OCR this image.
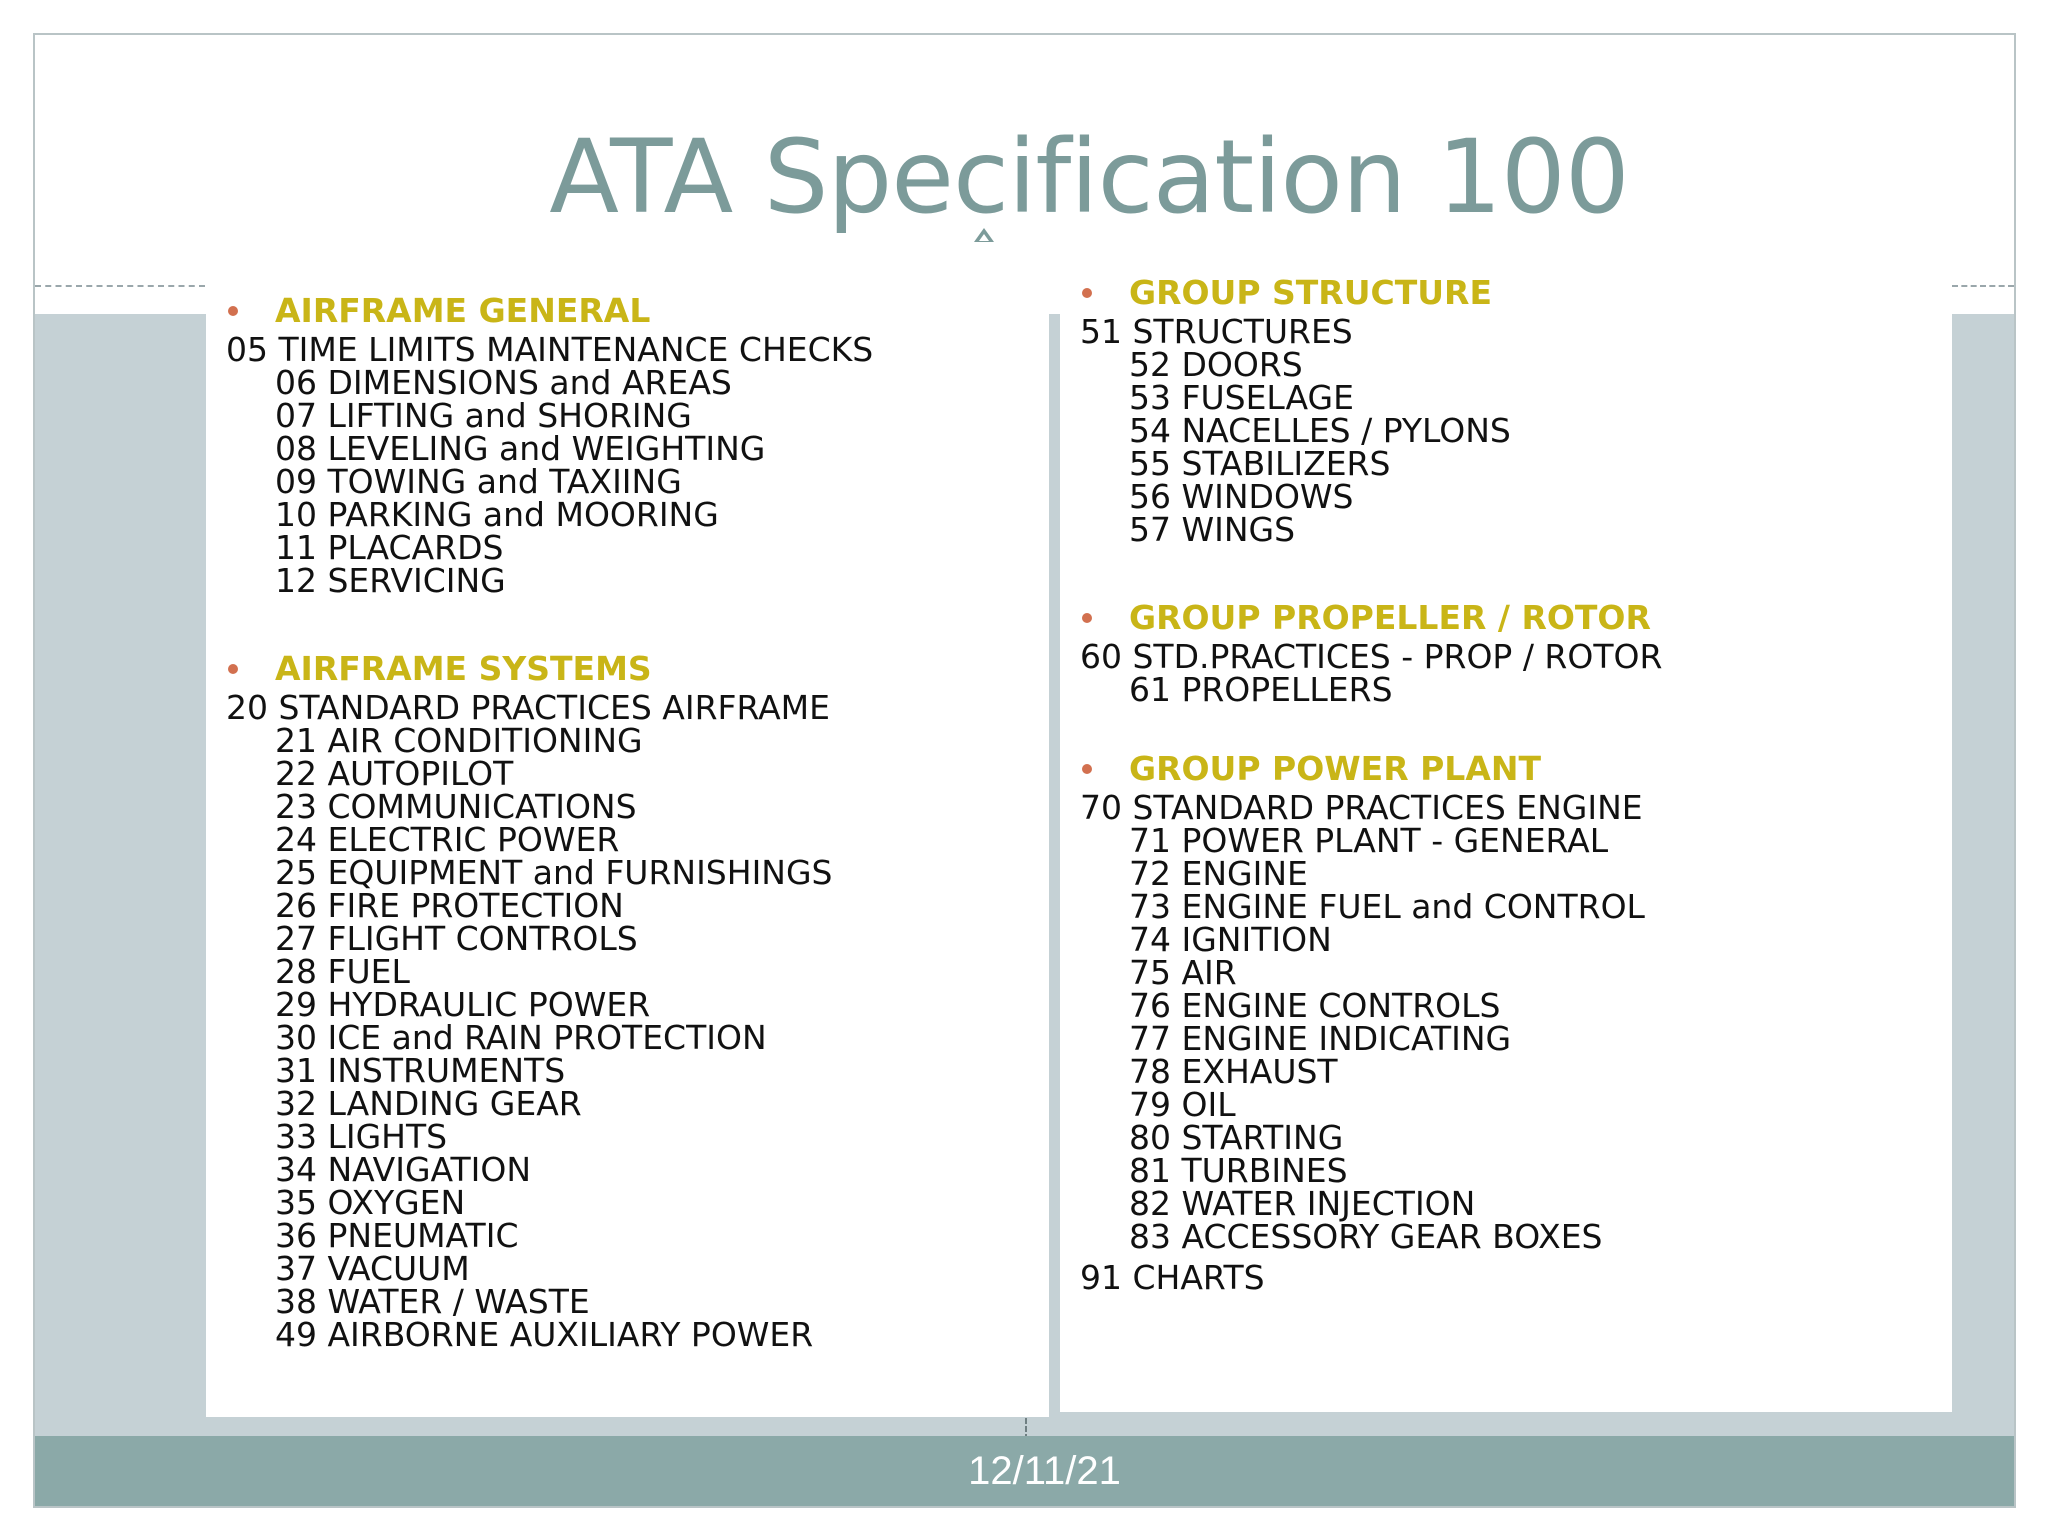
ATA Specification 100
AIRFRAME GENERAL
05 TIME LIMITS MAINTENANCE CHECKS
06 DIMENSIONS and AREAS
07 LIFTING and SHORING
08 LEVELING and WEIGHTING
09 TOWING and TAXIING
10 PARKING and MOORING
11 PLACARDS
12 SERVICING
AIRFRAME SYSTEMS
20 STANDARD PRACTICES AIRFRAME
21 AIR CONDITIONING
22 AUTOPILOT
23 COMMUNICATIONS
24 ELECTRIC POWER
25 EQUIPMENT and FURNISHINGS
26 FIRE PROTECTION
27 FLIGHT CONTROLS
28 FUEL
29 HYDRAULIC POWER
30 ICE and RAIN PROTECTION
31 INSTRUMENTS
32 LANDING GEAR
33 LIGHTS
34 NAVIGATION
35 OXYGEN
36 PNEUMATIC
37 VACUUM
38 WATER / WASTE
49 AIRBORNE AUXILIARY POWER
GROUP STRUCTURE
51 STRUCTURES
52 DOORS
53 FUSELAGE
54 NACELLES / PYLONS
55 STABILIZERS
56 WINDOWS
57 WINGS
GROUP PROPELLER / ROTOR
60 STD.PRACTICES - PROP / ROTOR
61 PROPELLERS
GROUP POWER PLANT
70 STANDARD PRACTICES ENGINE
71 POWER PLANT - GENERAL
72 ENGINE
73 ENGINE FUEL and CONTROL
74 IGNITION
75 AIR
76 ENGINE CONTROLS
77 ENGINE INDICATING
78 EXHAUST
79 OIL
80 STARTING
81 TURBINES
82 WATER INJECTION
83 ACCESSORY GEAR BOXES
91 CHARTS
12/11/21
